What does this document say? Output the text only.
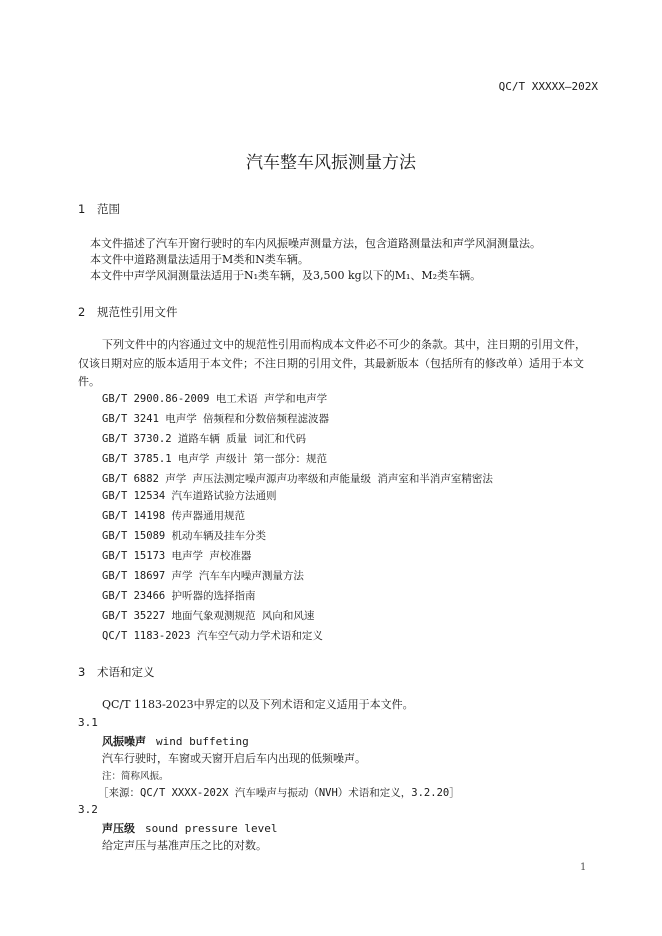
QC/T XXXXX—202X
汽车整车风振测量方法
1 范围
本文件描述了汽车开窗行驶时的车内风振噪声测量方法，包含道路测量法和声学风洞测量法。
本文件中道路测量法适用于M类和N类车辆。
本文件中声学风洞测量法适用于N₁类车辆，及3,500 kg以下的M₁、M₂类车辆。
2 规范性引用文件
下列文件中的内容通过文中的规范性引用而构成本文件必不可少的条款。其中，注日期的引用文件，仅该日期对应的版本适用于本文件；不注日期的引用文件，其最新版本（包括所有的修改单）适用于本文件。
GB/T 2900.86-2009 电工术语 声学和电声学
GB/T 3241 电声学 倍频程和分数倍频程滤波器
GB/T 3730.2 道路车辆 质量 词汇和代码
GB/T 3785.1 电声学 声级计 第一部分：规范
GB/T 6882 声学 声压法测定噪声源声功率级和声能量级 消声室和半消声室精密法
GB/T 12534 汽车道路试验方法通则
GB/T 14198 传声器通用规范
GB/T 15089 机动车辆及挂车分类
GB/T 15173 电声学 声校准器
GB/T 18697 声学 汽车车内噪声测量方法
GB/T 23466 护听器的选择指南
GB/T 35227 地面气象观测规范 风向和风速
QC/T 1183-2023 汽车空气动力学术语和定义
3 术语和定义
QC/T 1183-2023中界定的以及下列术语和定义适用于本文件。
3.1
风振噪声 wind buffeting
汽车行驶时，车窗或天窗开启后车内出现的低频噪声。
注：简称风振。
［来源：QC/T XXXX-202X 汽车噪声与振动（NVH）术语和定义，3.2.20］
3.2
声压级 sound pressure level
给定声压与基准声压之比的对数。
1
